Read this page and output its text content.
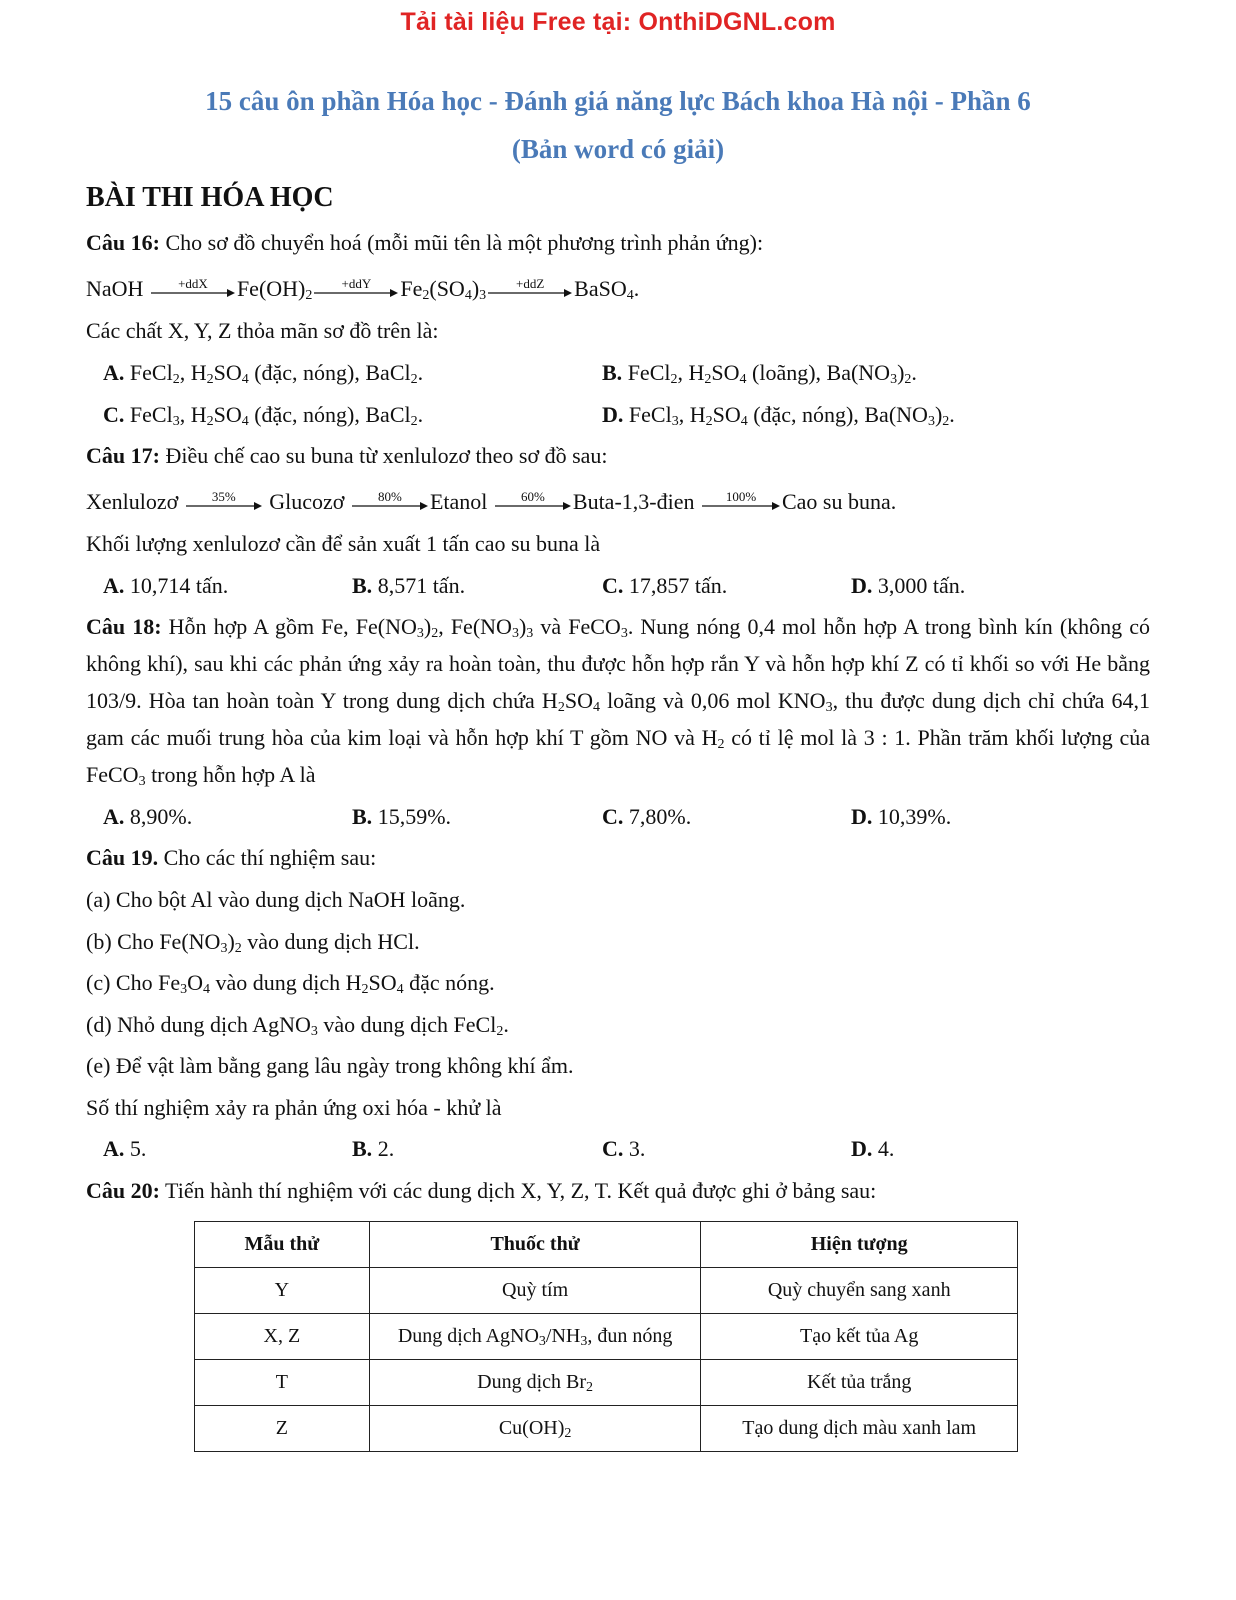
Tải tài liệu Free tại: OnthiDGNL.com
15 câu ôn phần Hóa học - Đánh giá năng lực Bách khoa Hà nội - Phần 6
(Bản word có giải)
BÀI THI HÓA HỌC
Câu 16: Cho sơ đồ chuyển hoá (mỗi mũi tên là một phương trình phản ứng):
NaOH	+ddX	$Fe(OH)_2$
+ddY	$Fe_2(SO_4)_3$
+ddZ	BaSO$_4$.
Các chất X, Y, Z thỏa mãn sơ đồ trên là:
A. FeCl$_2$, $H_2SO_4$ (đặc, nóng), BaCl$_2$.	B. FeCl$_2$, $H_2SO_4$ (loãng), $Ba(NO_3)_2$.
C. FeCl$_3$, $H_2SO_4$ (đặc, nóng), BaCl$_2$.	D. FeCl$_3$, $H_2SO_4$ (đặc, nóng), $Ba(NO_3)_2$.
Câu 17: Điều chế cao su buna từ xenlulozơ theo sơ đồ sau:
Xenlulozơ	35%	Glucozơ	80%	Etanol	60%	Buta-1,3-đien	100%	Cao su buna.
Khối lượng xenlulozơ cần để sản xuất 1 tấn cao su buna là
A. 10,714 tấn.	B. 8,571 tấn.	C. 17,857 tấn.	D. 3,000 tấn.
Câu 18: Hỗn hợp A gồm Fe, $Fe(NO_3)_2$, $Fe(NO_3)_3$ và FeCO$_3$. Nung nóng 0,4 mol hỗn hợp A trong bình kín (không có không khí), sau khi các phản ứng xảy ra hoàn toàn, thu được hỗn hợp rắn Y và hỗn hợp khí Z có tỉ khối so với He bằng 103/9. Hòa tan hoàn toàn Y trong dung dịch chứa $H_2SO_4$ loãng và 0,06 mol $KNO_3$, thu được dung dịch chỉ chứa 64,1 gam các muối trung hòa của kim loại và hỗn hợp khí T gồm NO và $H_2$ có tỉ lệ mol là 3 : 1. Phần trăm khối lượng của FeCO$_3$ trong hỗn hợp A là
A. 8,90%.	B. 15,59%.	C. 7,80%.	D. 10,39%.
Câu 19. Cho các thí nghiệm sau:
(a) Cho bột Al vào dung dịch NaOH loãng.
(b) Cho $Fe(NO_3)_2$ vào dung dịch HCl.
(c) Cho $Fe_3O_4$ vào dung dịch $H_2SO_4$ đặc nóng.
(d) Nhỏ dung dịch AgNO$_3$ vào dung dịch FeCl$_2$.
(e) Để vật làm bằng gang lâu ngày trong không khí ẩm.
Số thí nghiệm xảy ra phản ứng oxi hóa - khử là
A. 5.	B. 2.	C. 3.	D. 4.
Câu 20: Tiến hành thí nghiệm với các dung dịch X, Y, Z, T. Kết quả được ghi ở bảng sau:
Mẫu thử	Thuốc thử	Hiện tượng
Y	Quỳ tím	Quỳ chuyển sang xanh
X, Z	Dung dịch $AgNO_3/NH_3$, đun nóng	Tạo kết tủa Ag
T	Dung dịch $Br_2$	Kết tủa trắng
Z	$Cu(OH)_2$	Tạo dung dịch màu xanh lam
